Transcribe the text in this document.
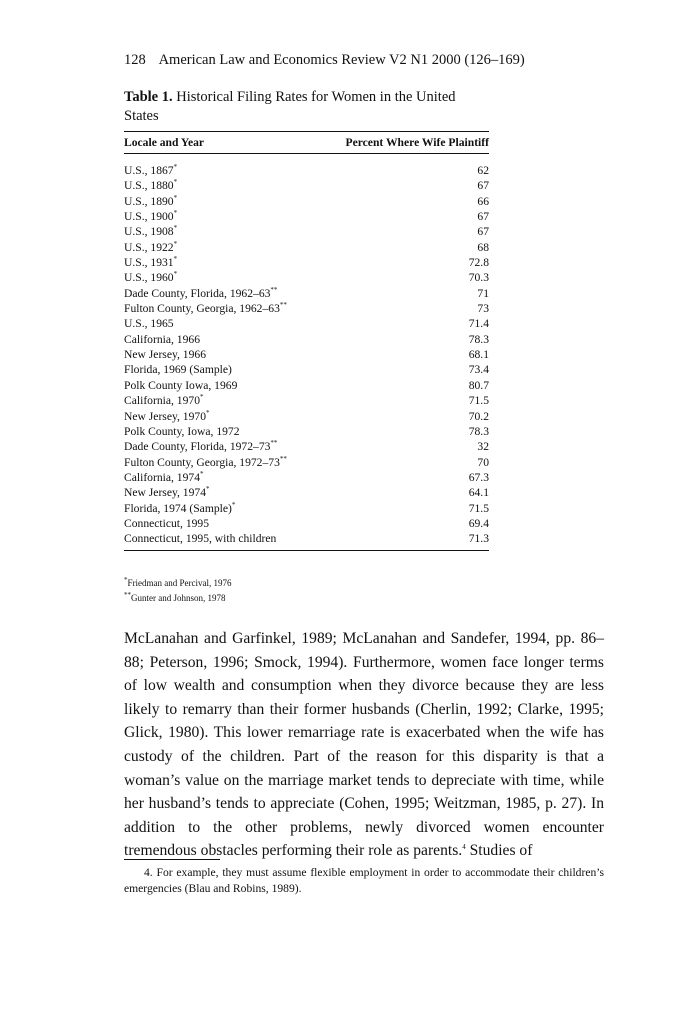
128 American Law and Economics Review V2 N1 2000 (126–169)
Table 1. Historical Filing Rates for Women in the United States
Locale and Year	Percent Where Wife Plaintiff
U.S., 1867*	62
U.S., 1880*	67
U.S., 1890*	66
U.S., 1900*	67
U.S., 1908*	67
U.S., 1922*	68
U.S., 1931*	72.8
U.S., 1960*	70.3
Dade County, Florida, 1962–63**	71
Fulton County, Georgia, 1962–63**	73
U.S., 1965	71.4
California, 1966	78.3
New Jersey, 1966	68.1
Florida, 1969 (Sample)	73.4
Polk County Iowa, 1969	80.7
California, 1970*	71.5
New Jersey, 1970*	70.2
Polk County, Iowa, 1972	78.3
Dade County, Florida, 1972–73**	32
Fulton County, Georgia, 1972–73**	70
California, 1974*	67.3
New Jersey, 1974*	64.1
Florida, 1974 (Sample)*	71.5
Connecticut, 1995	69.4
Connecticut, 1995, with children	71.3
*Friedman and Percival, 1976
**Gunter and Johnson, 1978

McLanahan and Garfinkel, 1989; McLanahan and Sandefer, 1994, pp. 86–88; Peterson, 1996; Smock, 1994). Furthermore, women face longer terms of low wealth and consumption when they divorce because they are less likely to remarry than their former husbands (Cherlin, 1992; Clarke, 1995; Glick, 1980). This lower remarriage rate is exacerbated when the wife has custody of the children. Part of the reason for this disparity is that a woman’s value on the marriage market tends to depreciate with time, while her husband’s tends to appreciate (Cohen, 1995; Weitzman, 1985, p. 27). In addition to the other problems, newly divorced women encounter tremendous obstacles performing their role as parents.$^4$ Studies of

4. For example, they must assume flexible employment in order to accommodate their children’s emergencies (Blau and Robins, 1989).
